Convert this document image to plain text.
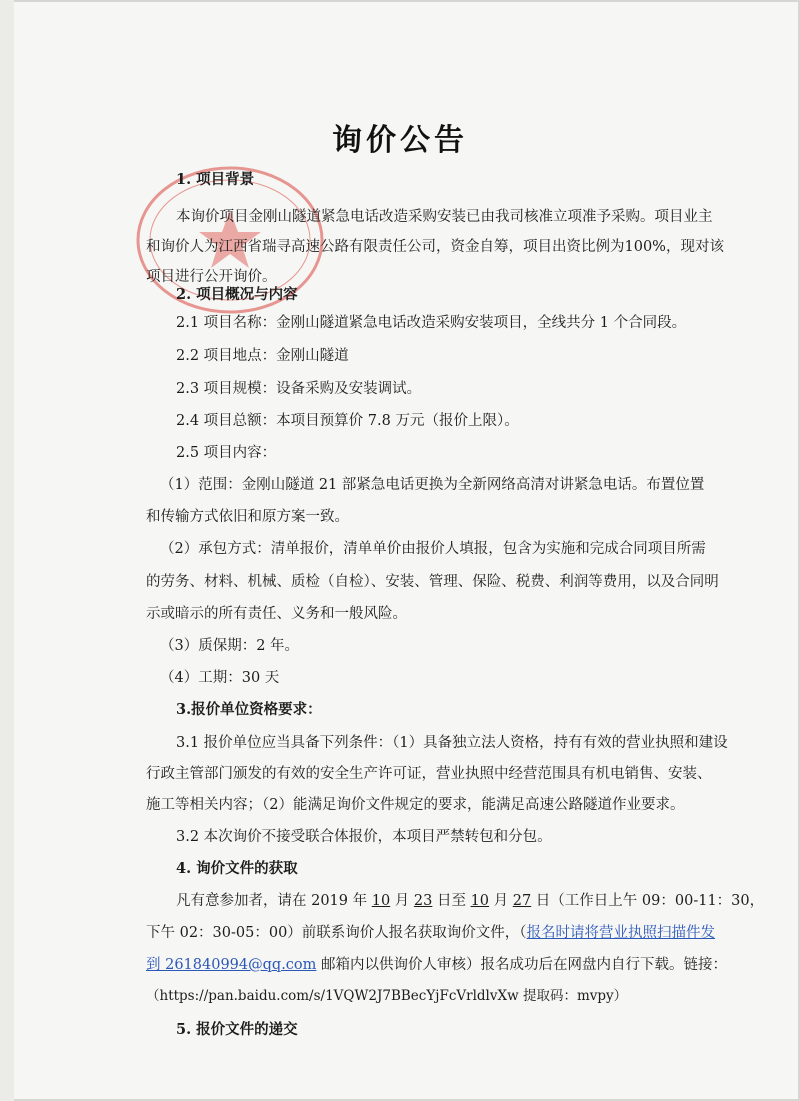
询价公告
1. 项目背景
本询价项目金刚山隧道紧急电话改造采购安装已由我司核准立项准予采购。项目业主
和询价人为江西省瑞寻高速公路有限责任公司，资金自筹，项目出资比例为100%，现对该
项目进行公开询价。
2. 项目概况与内容
2.1 项目名称：金刚山隧道紧急电话改造采购安装项目，全线共分 1 个合同段。
2.2 项目地点：金刚山隧道
2.3 项目规模：设备采购及安装调试。
2.4 项目总额：本项目预算价 7.8 万元（报价上限）。
2.5 项目内容：
（1）范围：金刚山隧道 21 部紧急电话更换为全新网络高清对讲紧急电话。布置位置
和传输方式依旧和原方案一致。
（2）承包方式：清单报价，清单单价由报价人填报，包含为实施和完成合同项目所需
的劳务、材料、机械、质检（自检）、安装、管理、保险、税费、利润等费用，以及合同明
示或暗示的所有责任、义务和一般风险。
（3）质保期：2 年。
（4）工期：30 天
3.报价单位资格要求：
3.1 报价单位应当具备下列条件：（1）具备独立法人资格，持有有效的营业执照和建设
行政主管部门颁发的有效的安全生产许可证，营业执照中经营范围具有机电销售、安装、
施工等相关内容；（2）能满足询价文件规定的要求，能满足高速公路隧道作业要求。
3.2 本次询价不接受联合体报价，本项目严禁转包和分包。
4. 询价文件的获取
凡有意参加者，请在 2019 年 10 月 23 日至 10 月 27 日（工作日上午 09：00-11：30，
下午 02：30-05：00）前联系询价人报名获取询价文件，（报名时请将营业执照扫描件发
到 261840994@qq.com 邮箱内以供询价人审核）报名成功后在网盘内自行下载。链接：
（https://pan.baidu.com/s/1VQW2J7BBecYjFcVrldlvXw 提取码：mvpy）
5. 报价文件的递交
